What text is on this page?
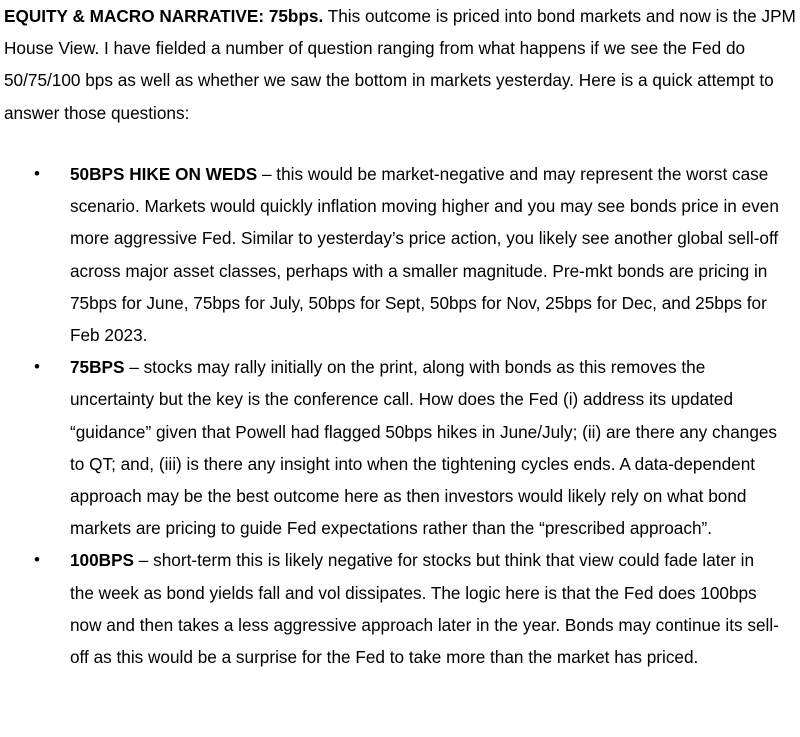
EQUITY & MACRO NARRATIVE: 75bps. This outcome is priced into bond markets and now is the JPM House View. I have fielded a number of question ranging from what happens if we see the Fed do 50/75/100 bps as well as whether we saw the bottom in markets yesterday. Here is a quick attempt to answer those questions:

• 50BPS HIKE ON WEDS – this would be market-negative and may represent the worst case scenario. Markets would quickly inflation moving higher and you may see bonds price in even more aggressive Fed. Similar to yesterday’s price action, you likely see another global sell-off across major asset classes, perhaps with a smaller magnitude. Pre-mkt bonds are pricing in 75bps for June, 75bps for July, 50bps for Sept, 50bps for Nov, 25bps for Dec, and 25bps for Feb 2023.
• 75BPS – stocks may rally initially on the print, along with bonds as this removes the uncertainty but the key is the conference call. How does the Fed (i) address its updated “guidance” given that Powell had flagged 50bps hikes in June/July; (ii) are there any changes to QT; and, (iii) is there any insight into when the tightening cycles ends. A data-dependent approach may be the best outcome here as then investors would likely rely on what bond markets are pricing to guide Fed expectations rather than the “prescribed approach”.
• 100BPS – short-term this is likely negative for stocks but think that view could fade later in the week as bond yields fall and vol dissipates. The logic here is that the Fed does 100bps now and then takes a less aggressive approach later in the year. Bonds may continue its sell-off as this would be a surprise for the Fed to take more than the market has priced.
